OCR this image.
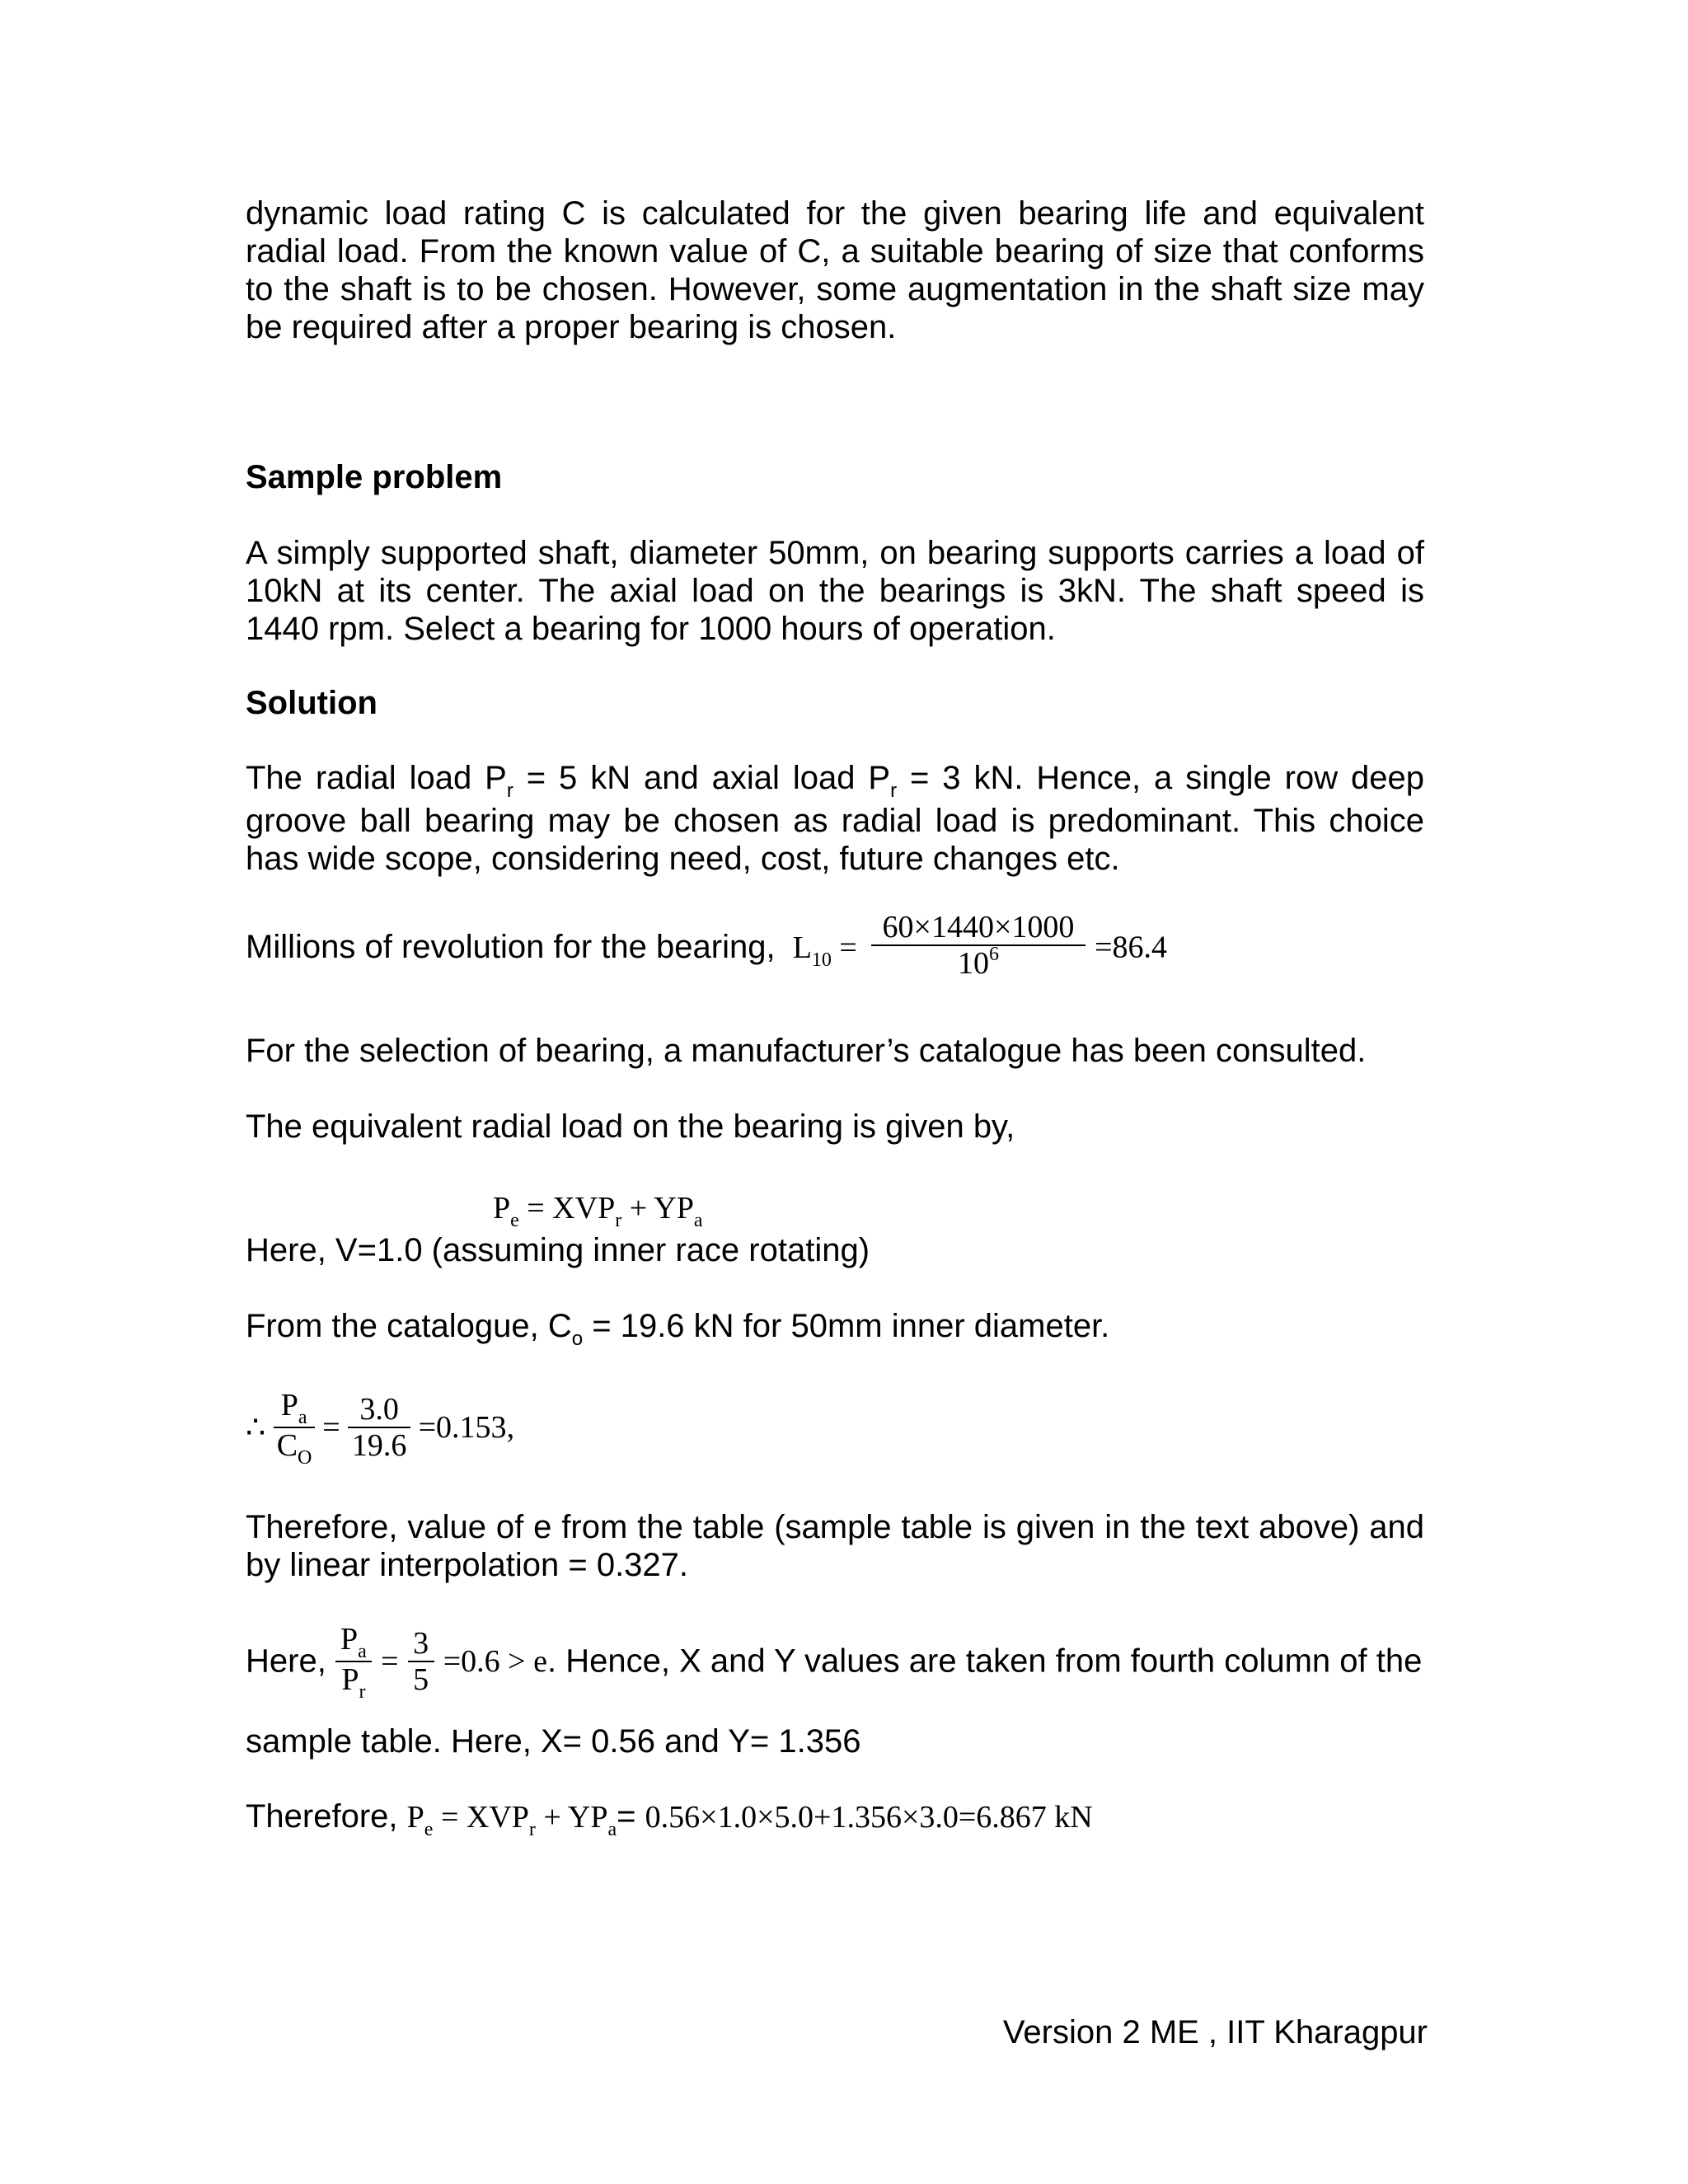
dynamic load rating C is calculated for the given bearing life and equivalent radial load. From the known value of C, a suitable bearing of size that conforms to the shaft is to be chosen. However, some augmentation in the shaft size may be required after a proper bearing is chosen.

Sample problem

A simply supported shaft, diameter 50mm, on bearing supports carries a load of 10kN at its center. The axial load on the bearings is 3kN. The shaft speed is 1440 rpm. Select a bearing for 1000 hours of operation.

Solution

The radial load $P_r = 5$ kN and axial load $P_r = 3$ kN. Hence, a single row deep groove ball bearing may be chosen as radial load is predominant. This choice has wide scope, considering need, cost, future changes etc.

Millions of revolution for the bearing, $L_{10} = \frac{60\times 1440\times 1000}{10^6} =86.4$

For the selection of bearing, a manufacturer’s catalogue has been consulted.

The equivalent radial load on the bearing is given by,

$P_e = XVP_r + YP_a$

Here, V=1.0 (assuming inner race rotating)

From the catalogue, $C_o = 19.6$ kN for 50mm inner diameter.

∴ $\frac{P_a}{C_O} = \frac{3.0}{19.6} =0.153$,

Therefore, value of e from the table (sample table is given in the text above) and by linear interpolation = 0.327.

Here, $\frac{P_a}{P_r} = \frac{3}{5} =0.6 > e$. Hence, X and Y values are taken from fourth column of the

sample table. Here, X= 0.56 and Y= 1.356

Therefore, $P_e = XVP_r + YP_a= 0.56\times 1.0\times 5.0+1.356\times 3.0=6.867$ kN
Version 2 ME , IIT Kharagpur
